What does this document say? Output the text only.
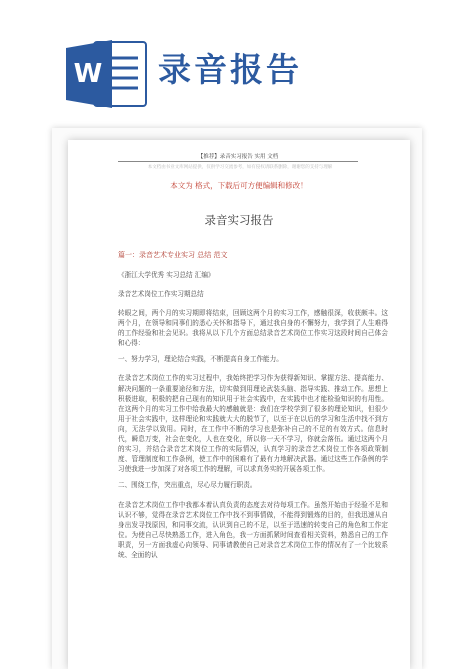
W 录音报告
【推荐】录音实习报告 实用 文档
本文档由书业文库网站提供，仅供学习交流参考，如有侵权请联系删除，谢谢您的支持与理解
本文为 格式，下载后可方便编辑和修改！
录音实习报告
篇一：录音艺术专业实习 总结 范文
《浙江大学优秀 实习总结 汇编》
录音艺术岗位工作实习期总结

转眼之间，两个月的实习期即将结束，回顾这两个月的实习工作，感触很深，收获颇丰。这两个月，在领导和同事们的悉心关怀和指导下，通过我自身的不懈努力，我学到了人生难得的工作经验和社会见识。我将从以下几个方面总结录音艺术岗位工作实习这段时间自己体会和心得：

一、努力学习，理论结合实践，不断提高自身工作能力。

在录音艺术岗位工作的实习过程中，我始终把学习作为获得新知识、掌握方法、提高能力、解决问题的一条重要途径和方法，切实做到用理论武装头脑、指导实践、推动工作。思想上积极进取，积极的把自己现有的知识用于社会实践中，在实践中也才能检验知识的有用性。在这两个月的实习工作中给我最大的感触就是：我们在学校学到了很多的理论知识，但很少用于社会实践中，这样理论和实践就大大的脱节了，以至于在以后的学习和生活中找不到方向，无法学以致用。同时，在工作中不断的学习也是弥补自己的不足的有效方式。信息时代，瞬息万变，社会在变化，人也在变化，所以你一天不学习，你就会落伍。通过这两个月的实习，并结合录音艺术岗位工作的实际情况，认真学习的录音艺术岗位工作各项政策制度、管理制度和工作条例，使工作中的困难有了最有力地解决武器。通过这些工作条例的学习使我进一步加深了对各项工作的理解，可以求真务实的开展各项工作。

二、围绕工作，突出重点，尽心尽力履行职责。

在录音艺术岗位工作中我都本着认真负责的态度去对待每项工作。虽然开始由于经验不足和认识不够，觉得在录音艺术岗位工作中找不到事情做，不能得到锻炼的目的，但我迅速从自身出发寻找原因，和同事交流，认识到自己的不足，以至于迅速的转变自己的角色和工作定位。为使自己尽快熟悉工作，进入角色，我一方面抓紧时间查看相关资料，熟悉自己的工作职责，另一方面我虚心向领导、同事请教使自己对录音艺术岗位工作的情况有了一个比较系统、全面的认
